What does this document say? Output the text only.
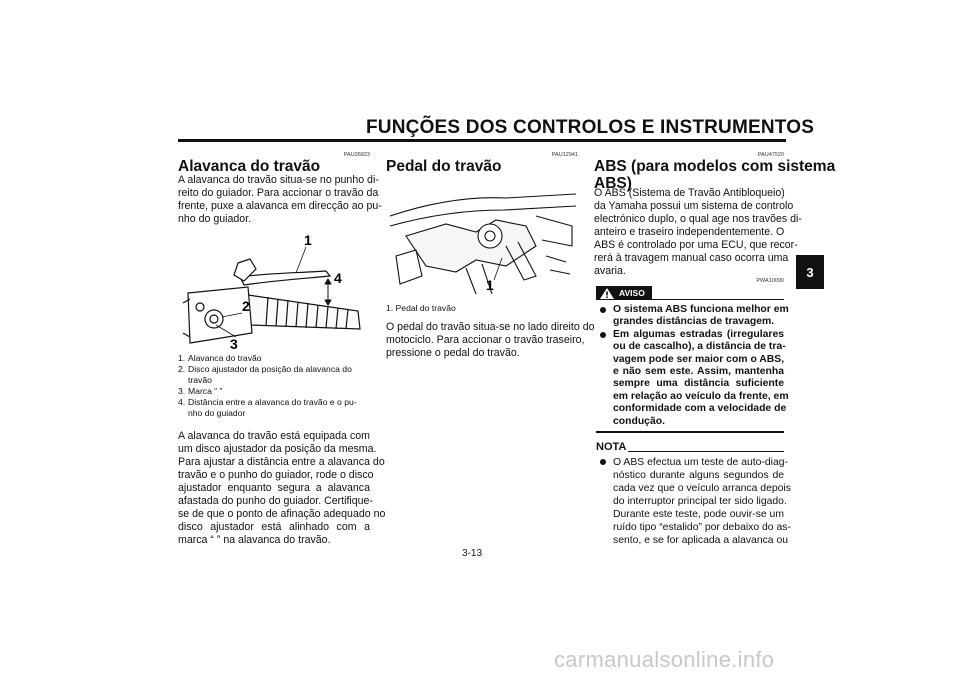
FUNÇÕES DOS CONTROLOS E INSTRUMENTOS
3
PAU26823
Alavanca do travão
A alavanca do travão situa-se no punho di-
reito do guiador. Para accionar o travão da
frente, puxe a alavanca em direcção ao pu-
nho do guiador.
1
2
3
4
1. Alavanca do travão
2. Disco ajustador da posição da alavanca do travão
3. Marca “ ”
4. Distância entre a alavanca do travão e o pu-nho do guiador
A alavanca do travão está equipada com
um disco ajustador da posição da mesma.
Para ajustar a distância entre a alavanca do
travão e o punho do guiador, rode o disco
ajustador enquanto segura a alavanca
afastada do punho do guiador. Certifique-
se de que o ponto de afinação adequado no
disco ajustador está alinhado com a
marca “ ” na alavanca do travão.
PAU12941
Pedal do travão
1
1. Pedal do travão
O pedal do travão situa-se no lado direito do
motociclo. Para accionar o travão traseiro,
pressione o pedal do travão.
PAU47520
ABS (para modelos com sistema
ABS)
O ABS (Sistema de Travão Antibloqueio)
da Yamaha possui um sistema de controlo
electrónico duplo, o qual age nos travões di-
anteiro e traseiro independentemente. O
ABS é controlado por uma ECU, que recor-
rerá à travagem manual caso ocorra uma
avaria.
PWA10090
AVISO
O sistema ABS funciona melhor em
grandes distâncias de travagem.
Em algumas estradas (irregulares
ou de cascalho), a distância de tra-
vagem pode ser maior com o ABS,
e não sem este. Assim, mantenha
sempre uma distância suficiente
em relação ao veículo da frente, em
conformidade com a velocidade de
condução.
NOTA
O ABS efectua um teste de auto-diag-
nóstico durante alguns segundos de
cada vez que o veículo arranca depois
do interruptor principal ter sido ligado.
Durante este teste, pode ouvir-se um
ruído tipo “estalido” por debaixo do as-
sento, e se for aplicada a alavanca ou
3-13
carmanualsonline.info
